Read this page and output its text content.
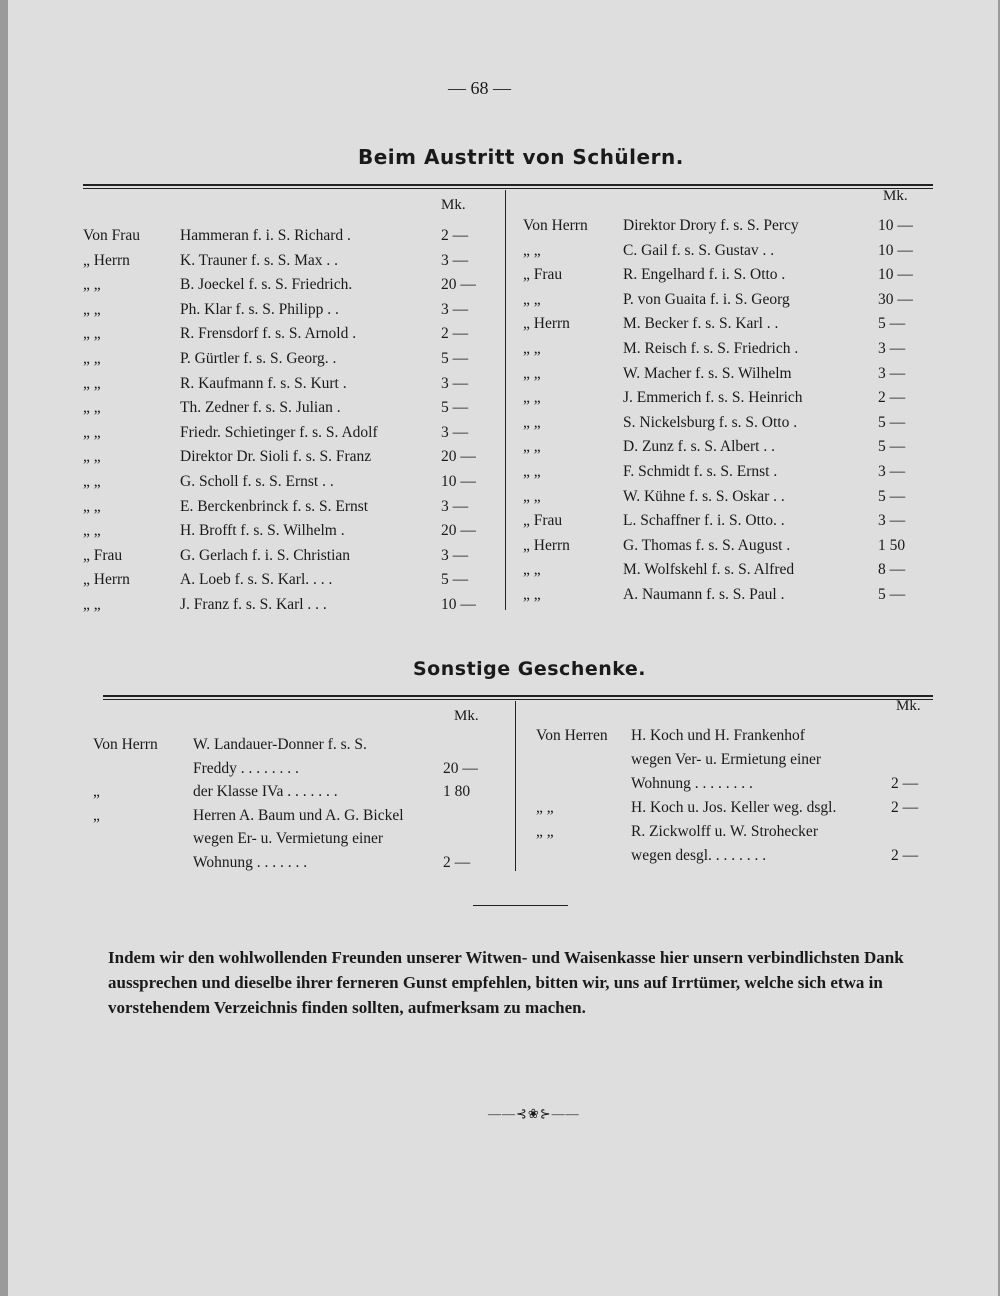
— 68 —
Beim Austritt von Schülern.
Mk.
Mk.
Von Frau	Hammeran f. i. S. Richard .	2 —
„ Herrn	K. Trauner f. s. S. Max . .	3 —
„ „	B. Joeckel f. s. S. Friedrich.	20 —
„ „	Ph. Klar f. s. S. Philipp . .	3 —
„ „	R. Frensdorf f. s. S. Arnold .	2 —
„ „	P. Gürtler f. s. S. Georg. .	5 —
„ „	R. Kaufmann f. s. S. Kurt .	3 —
„ „	Th. Zedner f. s. S. Julian .	5 —
„ „	Friedr. Schietinger f. s. S. Adolf	3 —
„ „	Direktor Dr. Sioli f. s. S. Franz	20 —
„ „	G. Scholl f. s. S. Ernst . .	10 —
„ „	E. Berckenbrinck f. s. S. Ernst	3 —
„ „	H. Brofft f. s. S. Wilhelm .	20 —
„ Frau	G. Gerlach f. i. S. Christian	3 —
„ Herrn	A. Loeb f. s. S. Karl. . . .	5 —
„ „	J. Franz f. s. S. Karl . . .	10 —
Von Herrn Direktor Drory f. s. S. Percy	10 —
„ „	C. Gail f. s. S. Gustav . .	10 —
„ Frau	R. Engelhard f. i. S. Otto .	10 —
„ „	P. von Guaita f. i. S. Georg	30 —
„ Herrn	M. Becker f. s. S. Karl . .	5 —
„ „	M. Reisch f. s. S. Friedrich .	3 —
„ „	W. Macher f. s. S. Wilhelm	3 —
„ „	J. Emmerich f. s. S. Heinrich	2 —
„ „	S. Nickelsburg f. s. S. Otto .	5 —
„ „	D. Zunz f. s. S. Albert . .	5 —
„ „	F. Schmidt f. s. S. Ernst .	3 —
„ „	W. Kühne f. s. S. Oskar . .	5 —
„ Frau	L. Schaffner f. i. S. Otto. .	3 —
„ Herrn	G. Thomas f. s. S. August .	1 50
„ „	M. Wolfskehl f. s. S. Alfred	8 —
„ „	A. Naumann f. s. S. Paul .	5 —
Sonstige Geschenke.
Mk.
Mk.
Von Herrn W. Landauer-Donner f. s. S.
Freddy . . . . . . . .	20 —
„	der Klasse IVa . . . . . . .	1 80
„	Herren A. Baum und A. G. Bickel
wegen Er- u. Vermietung einer
Wohnung . . . . . . .	2 —
Von Herren H. Koch und H. Frankenhof
wegen Ver- u. Ermietung einer
Wohnung . . . . . . . .	2 —
„ „	H. Koch u. Jos. Keller weg. dsgl.	2 —
„ „	R. Zickwolff u. W. Strohecker
wegen desgl. . . . . . . .	2 —
Indem wir den wohlwollenden Freunden unserer Witwen- und Waisenkasse hier unsern verbindlichsten Dank aussprechen und dieselbe ihrer ferneren Gunst empfehlen, bitten wir, uns auf Irrtümer, welche sich etwa in vorstehendem Verzeichnis finden sollten, aufmerksam zu machen.
——⊰❀⊱——
